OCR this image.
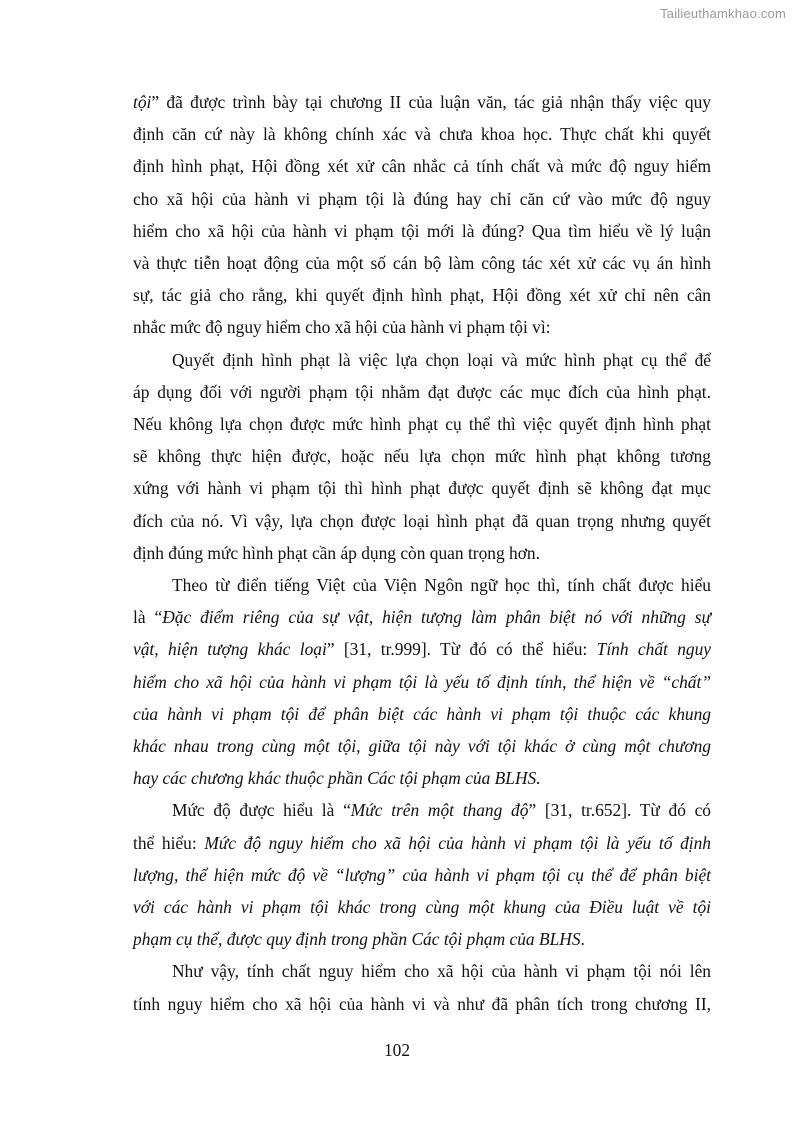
Tailieuthamkhao.com
tội” đã được trình bày tại chương II của luận văn, tác giả nhận thấy việc quy
định căn cứ này là không chính xác và chưa khoa học. Thực chất khi quyết
định hình phạt, Hội đồng xét xử cân nhắc cả tính chất và mức độ nguy hiểm
cho xã hội của hành vi phạm tội là đúng hay chỉ căn cứ vào mức độ nguy
hiểm cho xã hội của hành vi phạm tội mới là đúng? Qua tìm hiểu về lý luận
và thực tiễn hoạt động của một số cán bộ làm công tác xét xử các vụ án hình
sự, tác giả cho rằng, khi quyết định hình phạt, Hội đồng xét xử chỉ nên cân
nhắc mức độ nguy hiểm cho xã hội của hành vi phạm tội vì:
Quyết định hình phạt là việc lựa chọn loại và mức hình phạt cụ thể để
áp dụng đối với người phạm tội nhằm đạt được các mục đích của hình phạt.
Nếu không lựa chọn được mức hình phạt cụ thể thì việc quyết định hình phạt
sẽ không thực hiện được, hoặc nếu lựa chọn mức hình phạt không tương
xứng với hành vi phạm tội thì hình phạt được quyết định sẽ không đạt mục
đích của nó. Vì vậy, lựa chọn được loại hình phạt đã quan trọng nhưng quyết
định đúng mức hình phạt cần áp dụng còn quan trọng hơn.
Theo từ điển tiếng Việt của Viện Ngôn ngữ học thì, tính chất được hiểu
là “Đặc điểm riêng của sự vật, hiện tượng làm phân biệt nó với những sự
vật, hiện tượng khác loại” [31, tr.999]. Từ đó có thể hiểu: Tính chất nguy
hiểm cho xã hội của hành vi phạm tội là yếu tố định tính, thể hiện về “chất”
của hành vi phạm tội để phân biệt các hành vi phạm tội thuộc các khung
khác nhau trong cùng một tội, giữa tội này với tội khác ở cùng một chương
hay các chương khác thuộc phần Các tội phạm của BLHS.
Mức độ được hiểu là “Mức trên một thang độ” [31, tr.652]. Từ đó có
thể hiểu: Mức độ nguy hiểm cho xã hội của hành vi phạm tội là yếu tố định
lượng, thể hiện mức độ về “lượng” của hành vi phạm tội cụ thể để phân biệt
với các hành vi phạm tội khác trong cùng một khung của Điều luật về tội
phạm cụ thể, được quy định trong phần Các tội phạm của BLHS.
Như vậy, tính chất nguy hiểm cho xã hội của hành vi phạm tội nói lên
tính nguy hiểm cho xã hội của hành vi và như đã phân tích trong chương II,
102
